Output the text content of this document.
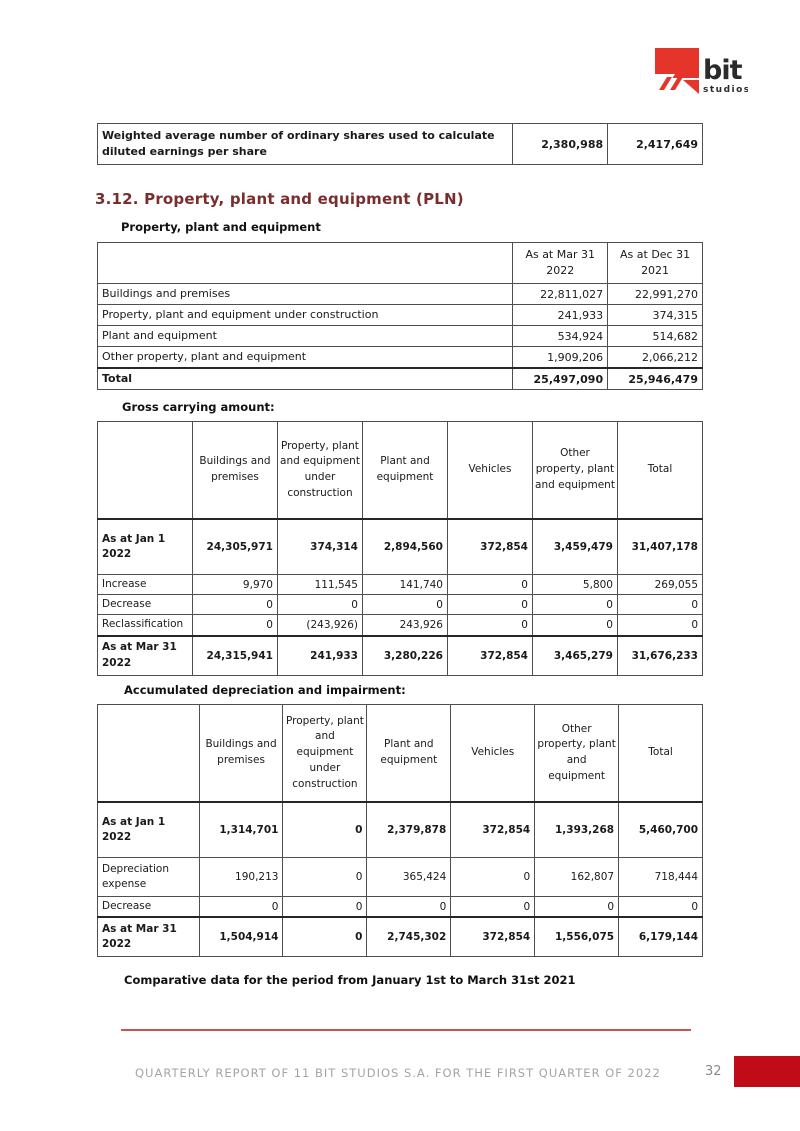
bit
studios
Weighted average number of ordinary shares used to calculate diluted earnings per share	2,380,988	2,417,649
3.12. Property, plant and equipment (PLN)
Property, plant and equipment
	As at Mar 31 2022	As at Dec 31 2021
Buildings and premises	22,811,027	22,991,270
Property, plant and equipment under construction	241,933	374,315
Plant and equipment	534,924	514,682
Other property, plant and equipment	1,909,206	2,066,212
Total	25,497,090	25,946,479
Gross carrying amount:
	Buildings and premises	Property, plant and equipment under construction	Plant and equipment	Vehicles	Other property, plant and equipment	Total
As at Jan 1 2022	24,305,971	374,314	2,894,560	372,854	3,459,479	31,407,178
Increase	9,970	111,545	141,740	0	5,800	269,055
Decrease	0	0	0	0	0	0
Reclassification	0	(243,926)	243,926	0	0	0
As at Mar 31 2022	24,315,941	241,933	3,280,226	372,854	3,465,279	31,676,233
Accumulated depreciation and impairment:
	Buildings and premises	Property, plant and equipment under construction	Plant and equipment	Vehicles	Other property, plant and equipment	Total
As at Jan 1 2022	1,314,701	0	2,379,878	372,854	1,393,268	5,460,700
Depreciation expense	190,213	0	365,424	0	162,807	718,444
Decrease	0	0	0	0	0	0
As at Mar 31 2022	1,504,914	0	2,745,302	372,854	1,556,075	6,179,144
Comparative data for the period from January 1st to March 31st 2021
QUARTERLY REPORT OF 11 BIT STUDIOS S.A. FOR THE FIRST QUARTER OF 2022	32
